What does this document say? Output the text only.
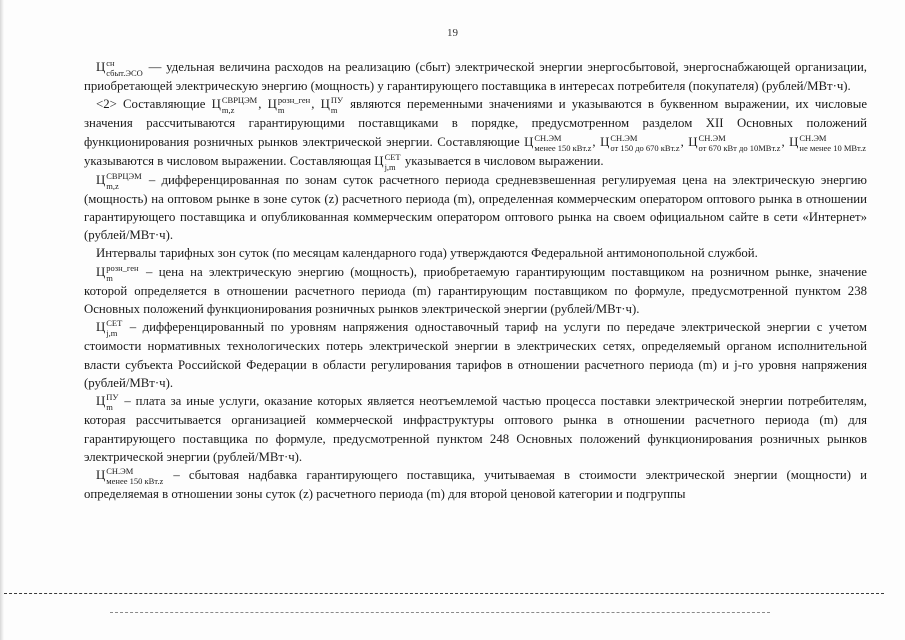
19

Ц сн
сбыт.ЭСО — удельная величина расходов на реализацию (сбыт) электрической энергии энергосбытовой, энергоснабжающей организации, приобретающей электрическую энергию (мощность) у гарантирующего поставщика в интересах потребителя (покупателя) (рублей/МВт·ч).

<2> Составляющие Ц СВРЦЭМ
m,z	, Ц розн_ген
m	, Ц ПУ
m являются переменными значениями и указываются в буквенном выражении, их числовые значения рассчитываются гарантирующими поставщиками в порядке, предусмотренном разделом XII Основных положений функционирования розничных рынков электрической энергии. Составляющие Ц СН.ЭМ
менее 150 кВт.z , Ц СН.ЭМ
от 150 до 670 кВт.z , Ц СН.ЭМ
от 670 кВт до 10МВт.z , Ц СН.ЭМ
не менее 10 МВт.z
указываются в числовом выражении. Составляющая Ц СЕТ
j,m указывается в числовом выражении.

Ц СВРЦЭМ
m,z	– дифференцированная по зонам суток расчетного периода средневзвешенная регулируемая цена на электрическую энергию (мощность) на оптовом рынке в зоне суток (z) расчетного периода (m), определенная коммерческим оператором оптового рынка в отношении гарантирующего поставщика и опубликованная коммерческим оператором оптового рынка на своем официальном сайте в сети «Интернет» (рублей/МВт·ч).

Интервалы тарифных зон суток (по месяцам календарного года) утверждаются Федеральной антимонопольной службой.

Ц розн_ген
m	– цена на электрическую энергию (мощность), приобретаемую гарантирующим поставщиком на розничном рынке, значение которой определяется в отношении расчетного периода (m) гарантирующим поставщиком по формуле, предусмотренной пунктом 238 Основных положений функционирования розничных рынков электрической энергии (рублей/МВт·ч).

Ц СЕТ
j,m – дифференцированный по уровням напряжения одноставочный тариф на услуги по передаче электрической энергии с учетом стоимости нормативных технологических потерь электрической энергии в электрических сетях, определяемый органом исполнительной власти субъекта Российской Федерации в области регулирования тарифов в отношении расчетного периода (m) и j-го уровня напряжения (рублей/МВт·ч).

Ц ПУ
m – плата за иные услуги, оказание которых является неотъемлемой частью процесса поставки электрической энергии потребителям, которая рассчитывается организацией коммерческой инфраструктуры оптового рынка в отношении расчетного периода (m) для гарантирующего поставщика по формуле, предусмотренной пунктом 248 Основных положений функционирования розничных рынков электрической энергии (рублей/МВт·ч).

Ц СН.ЭМ
менее 150 кВт.z – сбытовая надбавка гарантирующего поставщика, учитываемая в стоимости электрической энергии (мощности) и определяемая в отношении зоны суток (z) расчетного периода (m) для второй ценовой категории и подгруппы
